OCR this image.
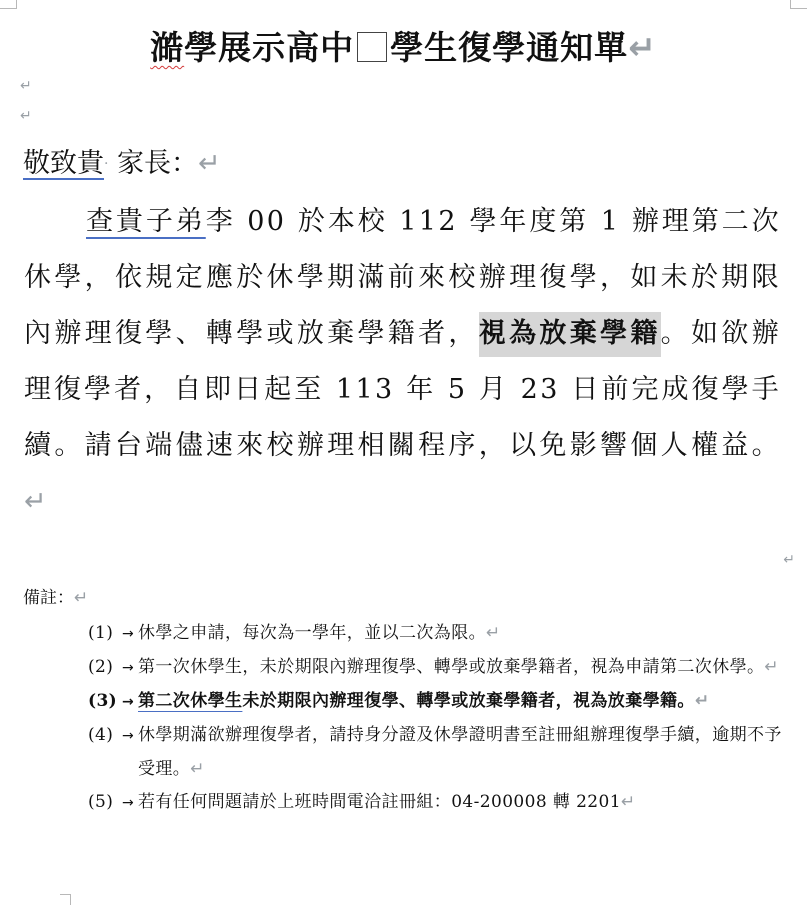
澔學展示高中 學生復學通知單↵
↵
↵
敬致貴· 家長：↵

查貴子弟李 00 於本校 112 學年度第 1 辦理第二次休學，依規定應於休學期滿前來校辦理復學，如未於期限內辦理復學、轉學或放棄學籍者，視為放棄學籍。如欲辦理復學者，自即日起至 113 年 5 月 23 日前完成復學手續。請台端儘速來校辦理相關程序，以免影響個人權益。↵

↵
備註：↵
(1) → 休學之申請，每次為一學年，並以二次為限。↵
(2) → 第一次休學生，未於期限內辦理復學、轉學或放棄學籍者，視為申請第二次休學。↵
(3) → 第二次休學生未於期限內辦理復學、轉學或放棄學籍者，視為放棄學籍。↵
(4) → 休學期滿欲辦理復學者，請持身分證及休學證明書至註冊組辦理復學手續，逾期不予受理。↵
(5) → 若有任何問題請於上班時間電洽註冊組：04-200008 轉 2201↵
